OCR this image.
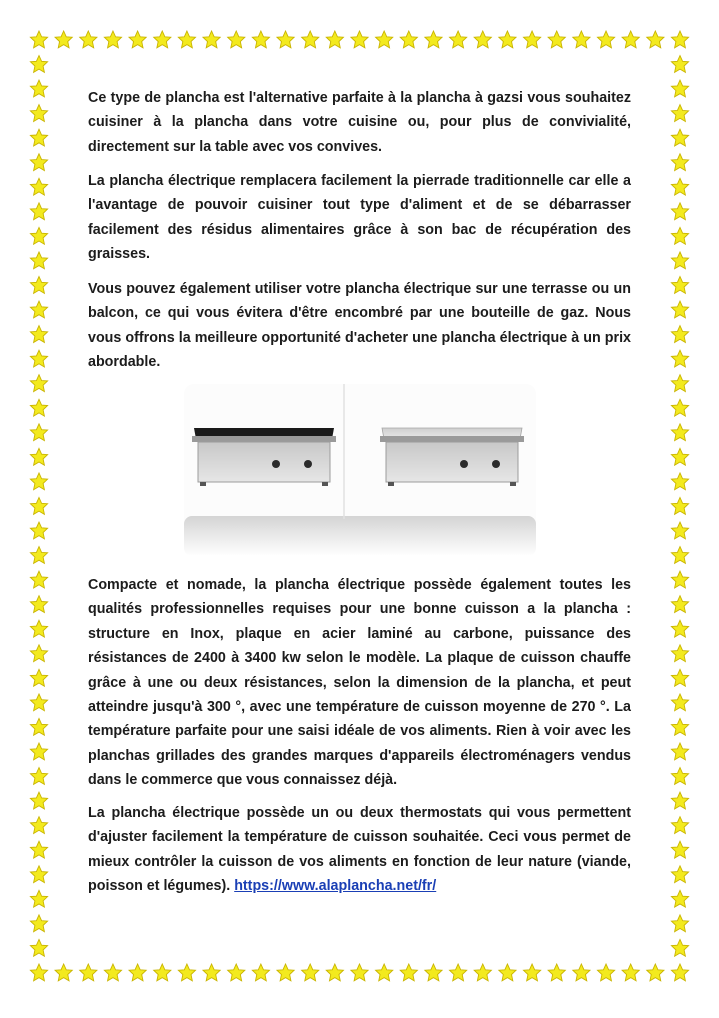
Ce type de plancha est l'alternative parfaite à la plancha à gazsi vous souhaitez cuisiner à la plancha dans votre cuisine ou, pour plus de convivialité, directement sur la table avec vos convives.

La plancha électrique remplacera facilement la pierrade traditionnelle car elle a l'avantage de pouvoir cuisiner tout type d'aliment et de se débarrasser facilement des résidus alimentaires grâce à son bac de récupération des graisses.

Vous pouvez également utiliser votre plancha électrique sur une terrasse ou un balcon, ce qui vous évitera d'être encombré par une bouteille de gaz. Nous vous offrons la meilleure opportunité d'acheter une plancha électrique à un prix abordable.

Compacte et nomade, la plancha électrique possède également toutes les qualités professionnelles requises pour une bonne cuisson a la plancha : structure en Inox, plaque en acier laminé au carbone, puissance des résistances de 2400 à 3400 kw selon le modèle. La plaque de cuisson chauffe grâce à une ou deux résistances, selon la dimension de la plancha, et peut atteindre jusqu'à 300 °, avec une température de cuisson moyenne de 270 °. La température parfaite pour une saisi idéale de vos aliments. Rien à voir avec les planchas grillades des grandes marques d'appareils électroménagers vendus dans le commerce que vous connaissez déjà.

La plancha électrique possède un ou deux thermostats qui vous permettent d'ajuster facilement la température de cuisson souhaitée. Ceci vous permet de mieux contrôler la cuisson de vos aliments en fonction de leur nature (viande, poisson et légumes). https://www.alaplancha.net/fr/
